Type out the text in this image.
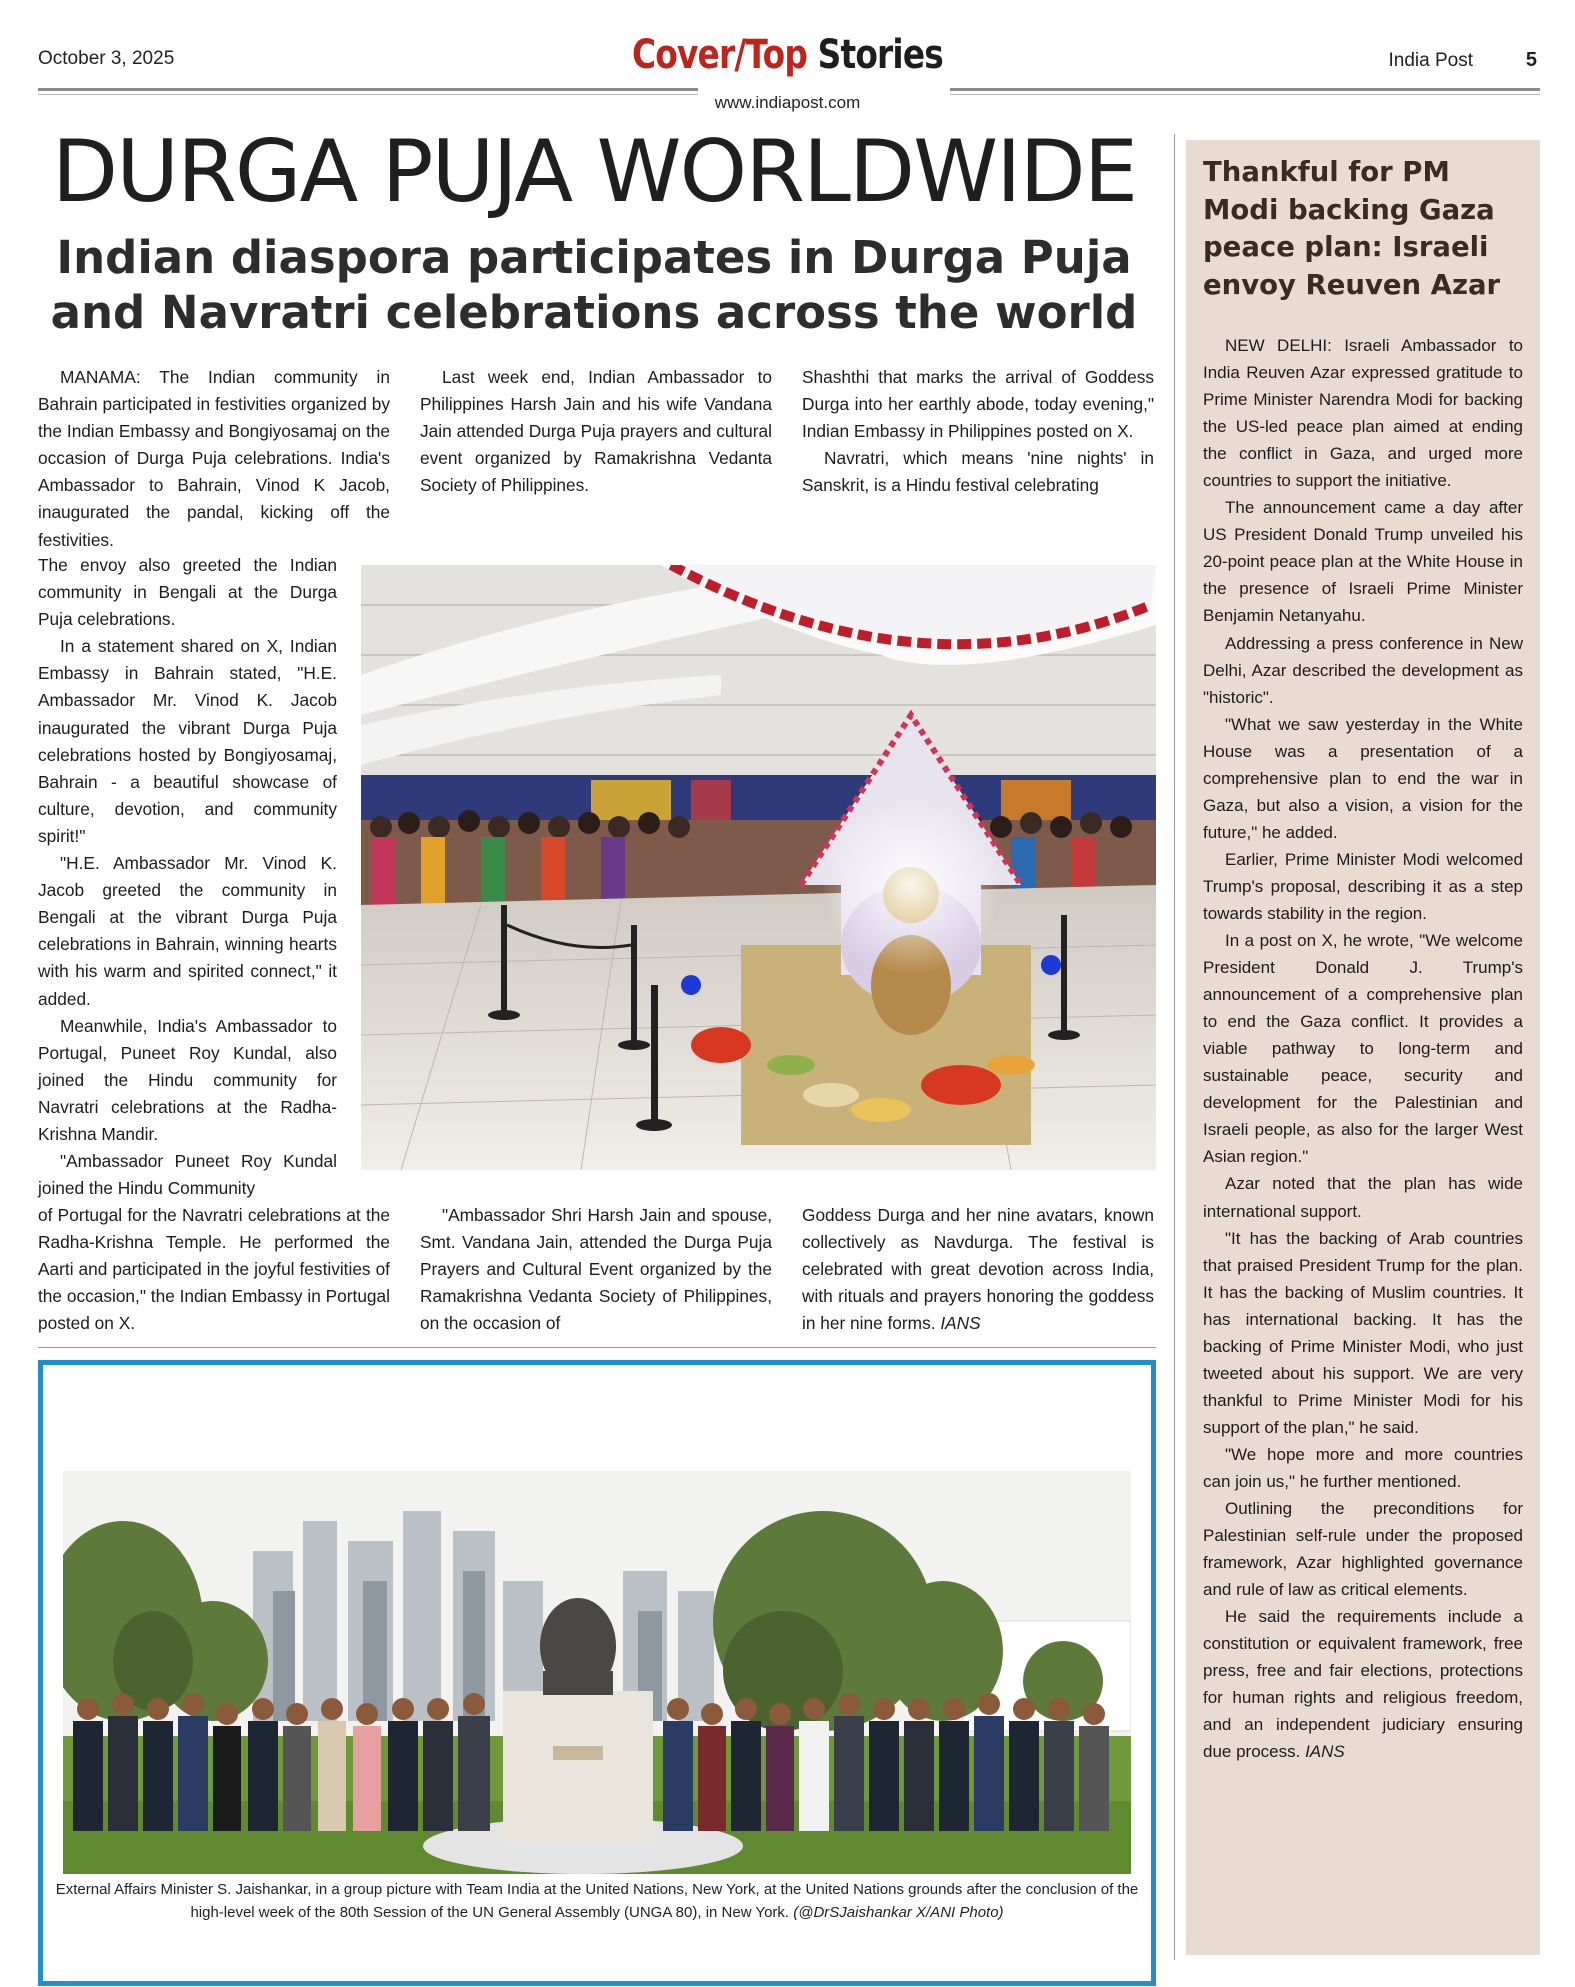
October 3, 2025	Cover/Top Stories	India Post	5
www.indiapost.com
DURGA PUJA WORLDWIDE
Indian diaspora participates in Durga Puja and Navratri celebrations across the world

MANAMA: The Indian community in Bahrain participated in festivities organized by the Indian Embassy and Bongiyosamaj on the occasion of Durga Puja celebrations. India's Ambassador to Bahrain, Vinod K Jacob, inaugurated the pandal, kicking off the festivities.

The envoy also greeted the Indian community in Bengali at the Durga Puja celebrations.

In a statement shared on X, Indian Embassy in Bahrain stated, "H.E. Ambassador Mr. Vinod K. Jacob inaugurated the vibrant Durga Puja celebrations hosted by Bongiyosamaj, Bahrain - a beautiful showcase of culture, devotion, and community spirit!"

"H.E. Ambassador Mr. Vinod K. Jacob greeted the community in Bengali at the vibrant Durga Puja celebrations in Bahrain, winning hearts with his warm and spirited connect," it added.

Meanwhile, India's Ambassador to Portugal, Puneet Roy Kundal, also joined the Hindu community for Navratri celebrations at the Radha-Krishna Mandir.

"Ambassador Puneet Roy Kundal joined the Hindu Community

of Portugal for the Navratri celebrations at the Radha-Krishna Temple. He performed the Aarti and participated in the joyful festivities of the occasion," the Indian Embassy in Portugal posted on X.

Last week end, Indian Ambassador to Philippines Harsh Jain and his wife Vandana Jain attended Durga Puja prayers and cultural event organized by Ramakrishna Vedanta Society of Philippines.

"Ambassador Shri Harsh Jain and spouse, Smt. Vandana Jain, attended the Durga Puja Prayers and Cultural Event organized by the Ramakrishna Vedanta Society of Philippines, on the occasion of

Shashthi that marks the arrival of Goddess Durga into her earthly abode, today evening," Indian Embassy in Philippines posted on X.

Navratri, which means 'nine nights' in Sanskrit, is a Hindu festival celebrating

Goddess Durga and her nine avatars, known collectively as Navdurga. The festival is celebrated with great devotion across India, with rituals and prayers honoring the goddess in her nine forms. IANS

External Affairs Minister S. Jaishankar, in a group picture with Team India at the United Nations, New York, at the United Nations grounds after the conclusion of the high-level week of the 80th Session of the UN General Assembly (UNGA 80), in New York. (@DrSJaishankar X/ANI Photo)
Thankful for PM Modi backing Gaza peace plan: Israeli envoy Reuven Azar

NEW DELHI: Israeli Ambassador to India Reuven Azar expressed gratitude to Prime Minister Narendra Modi for backing the US-led peace plan aimed at ending the conflict in Gaza, and urged more countries to support the initiative.

The announcement came a day after US President Donald Trump unveiled his 20-point peace plan at the White House in the presence of Israeli Prime Minister Benjamin Netanyahu.

Addressing a press conference in New Delhi, Azar described the development as "historic".

"What we saw yesterday in the White House was a presentation of a comprehensive plan to end the war in Gaza, but also a vision, a vision for the future," he added.

Earlier, Prime Minister Modi welcomed Trump's proposal, describing it as a step towards stability in the region.

In a post on X, he wrote, "We welcome President Donald J. Trump's announcement of a comprehensive plan to end the Gaza conflict. It provides a viable pathway to long-term and sustainable peace, security and development for the Palestinian and Israeli people, as also for the larger West Asian region."

Azar noted that the plan has wide international support.

"It has the backing of Arab countries that praised President Trump for the plan. It has the backing of Muslim countries. It has international backing. It has the backing of Prime Minister Modi, who just tweeted about his support. We are very thankful to Prime Minister Modi for his support of the plan," he said.

"We hope more and more countries can join us," he further mentioned.

Outlining the preconditions for Palestinian self-rule under the proposed framework, Azar highlighted governance and rule of law as critical elements.

He said the requirements include a constitution or equivalent framework, free press, free and fair elections, protections for human rights and religious freedom, and an independent judiciary ensuring due process. IANS
